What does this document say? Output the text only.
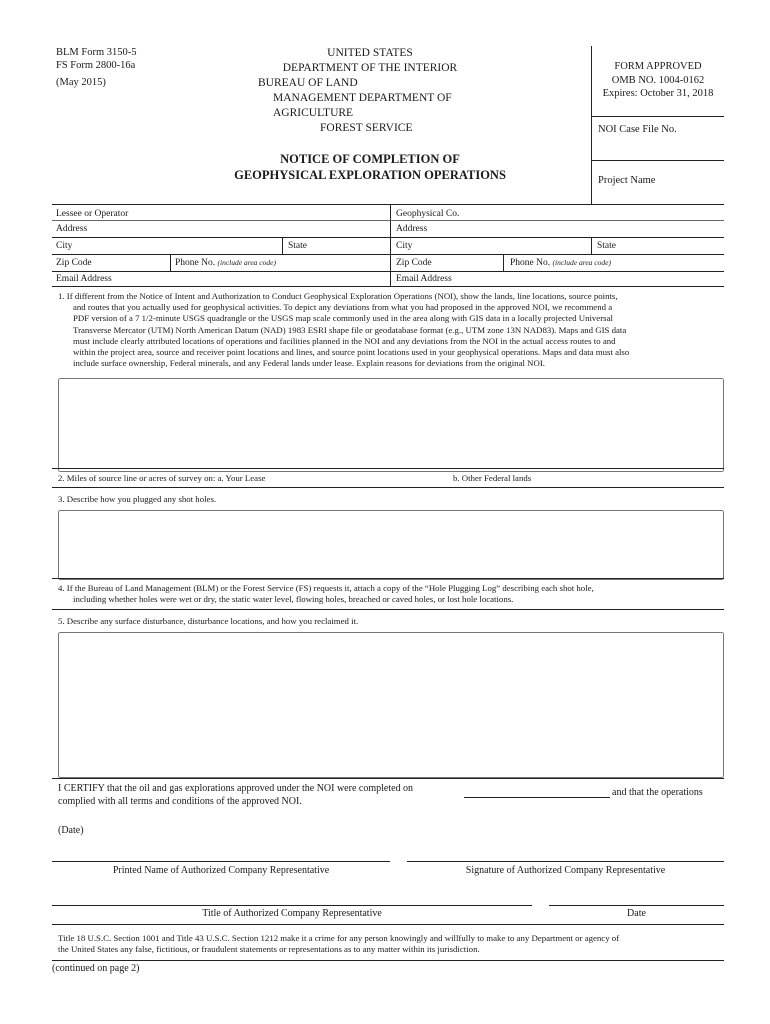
BLM Form 3150-5
FS Form 2800-16a
(May 2015)
UNITED STATES
DEPARTMENT OF THE INTERIOR
BUREAU OF LAND
MANAGEMENT DEPARTMENT OF
AGRICULTURE
FOREST SERVICE
FORM APPROVED
OMB NO. 1004-0162
Expires: October 31, 2018
NOI Case File No.
Project Name
NOTICE OF COMPLETION OF
GEOPHYSICAL EXPLORATION OPERATIONS
Lessee or Operator	Geophysical Co.
Address	Address
City	State	City	State
Zip Code	Phone No. (include area code)	Zip Code	Phone No. (include area code)
Email Address	Email Address
1. If different from the Notice of Intent and Authorization to Conduct Geophysical Exploration Operations (NOI), show the lands, line locations, source points,
and routes that you actually used for geophysical activities. To depict any deviations from what you had proposed in the approved NOI, we recommend a
PDF version of a 7 1/2-minute USGS quadrangle or the USGS map scale commonly used in the area along with GIS data in a locally projected Universal
Transverse Mercator (UTM) North American Datum (NAD) 1983 ESRI shape file or geodatabase format (e.g., UTM zone 13N NAD83). Maps and GIS data
must include clearly attributed locations of operations and facilities planned in the NOI and any deviations from the NOI in the actual access routes to and
within the project area, source and receiver point locations and lines, and source point locations used in your geophysical operations. Maps and data must also
include surface ownership, Federal minerals, and any Federal lands under lease. Explain reasons for deviations from the original NOI.
2. Miles of source line or acres of survey on: a. Your Lease	b. Other Federal lands
3. Describe how you plugged any shot holes.
4. If the Bureau of Land Management (BLM) or the Forest Service (FS) requests it, attach a copy of the “Hole Plugging Log” describing each shot hole,
including whether holes were wet or dry, the static water level, flowing holes, breached or caved holes, or lost hole locations.
5. Describe any surface disturbance, disturbance locations, and how you reclaimed it.
I CERTIFY that the oil and gas explorations approved under the NOI were completed on	and that the operations
complied with all terms and conditions of the approved NOI.
(Date)
Printed Name of Authorized Company Representative	Signature of Authorized Company Representative
Title of Authorized Company Representative	Date
Title 18 U.S.C. Section 1001 and Title 43 U.S.C. Section 1212 make it a crime for any person knowingly and willfully to make to any Department or agency of
the United States any false, fictitious, or fraudulent statements or representations as to any matter within its jurisdiction.
(continued on page 2)
